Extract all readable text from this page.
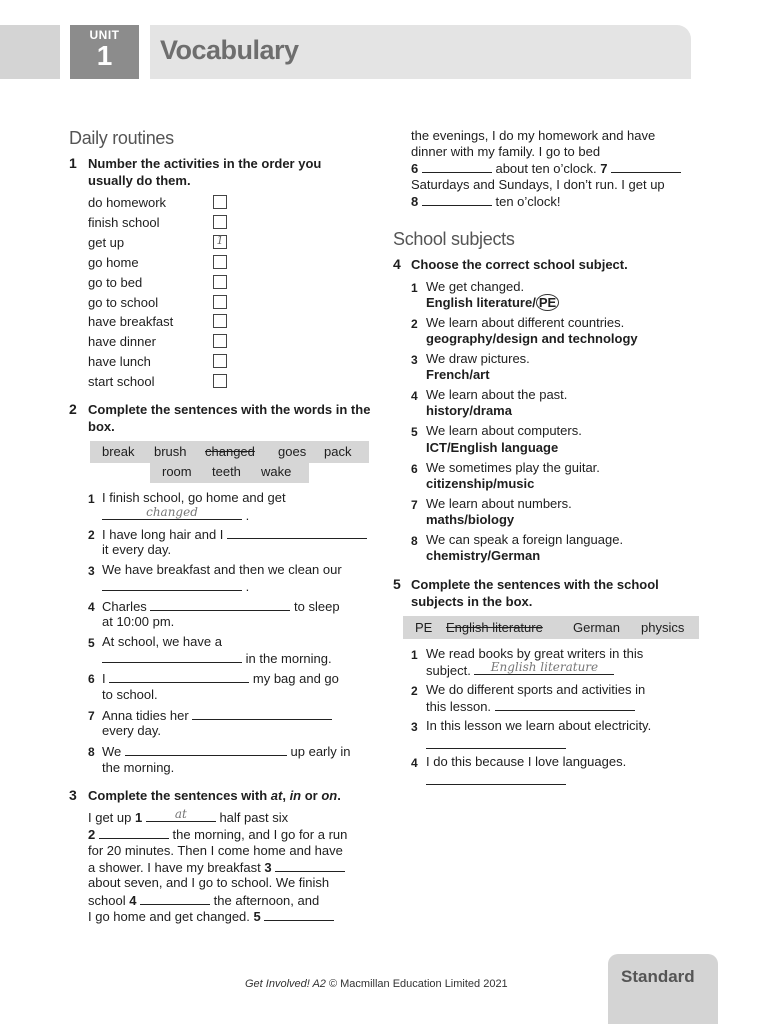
UNIT
1	Vocabulary
Daily routines
1 Number the activities in the order you usually do them.
do homework
finish school
get up	1
go home
go to bed
go to school
have breakfast
have dinner
have lunch
start school
2 Complete the sentences with the words in the box.
break brush changed goes pack
room teeth wake
1 I finish school, go home and get
changed	.
2 I have long hair and I
it every day.
3 We have breakfast and then we clean our
.
4 Charles	to sleep
at 10:00 pm.
5 At school, we have a
in the morning.
6 I	my bag and go
to school.
7 Anna tidies her
every day.
8 We	up early in
the morning.
3 Complete the sentences with at, in or on.
I get up 1	at	half past six
2	the morning, and I go for a run
for 20 minutes. Then I come home and have
a shower. I have my breakfast 3
about seven, and I go to school. We finish
school 4	the afternoon, and
I go home and get changed. 5
the evenings, I do my homework and have
dinner with my family. I go to bed
6	about ten o’clock. 7
Saturdays and Sundays, I don’t run. I get up
8	ten o’clock!
School subjects
4 Choose the correct school subject.
1 We get changed.
English literature/ PE
2 We learn about different countries.
geography/design and technology
3 We draw pictures.
French/art
4 We learn about the past.
history/drama
5 We learn about computers.
ICT/English language
6 We sometimes play the guitar.
citizenship/music
7 We learn about numbers.
maths/biology
8 We can speak a foreign language.
chemistry/German
5 Complete the sentences with the school subjects in the box.
PE English literature German physics
1 We read books by great writers in this
subject.	English literature
2 We do different sports and activities in
this lesson.
3 In this lesson we learn about electricity.
4 I do this because I love languages.
Get Involved! A2 © Macmillan Education Limited 2021	Standard
